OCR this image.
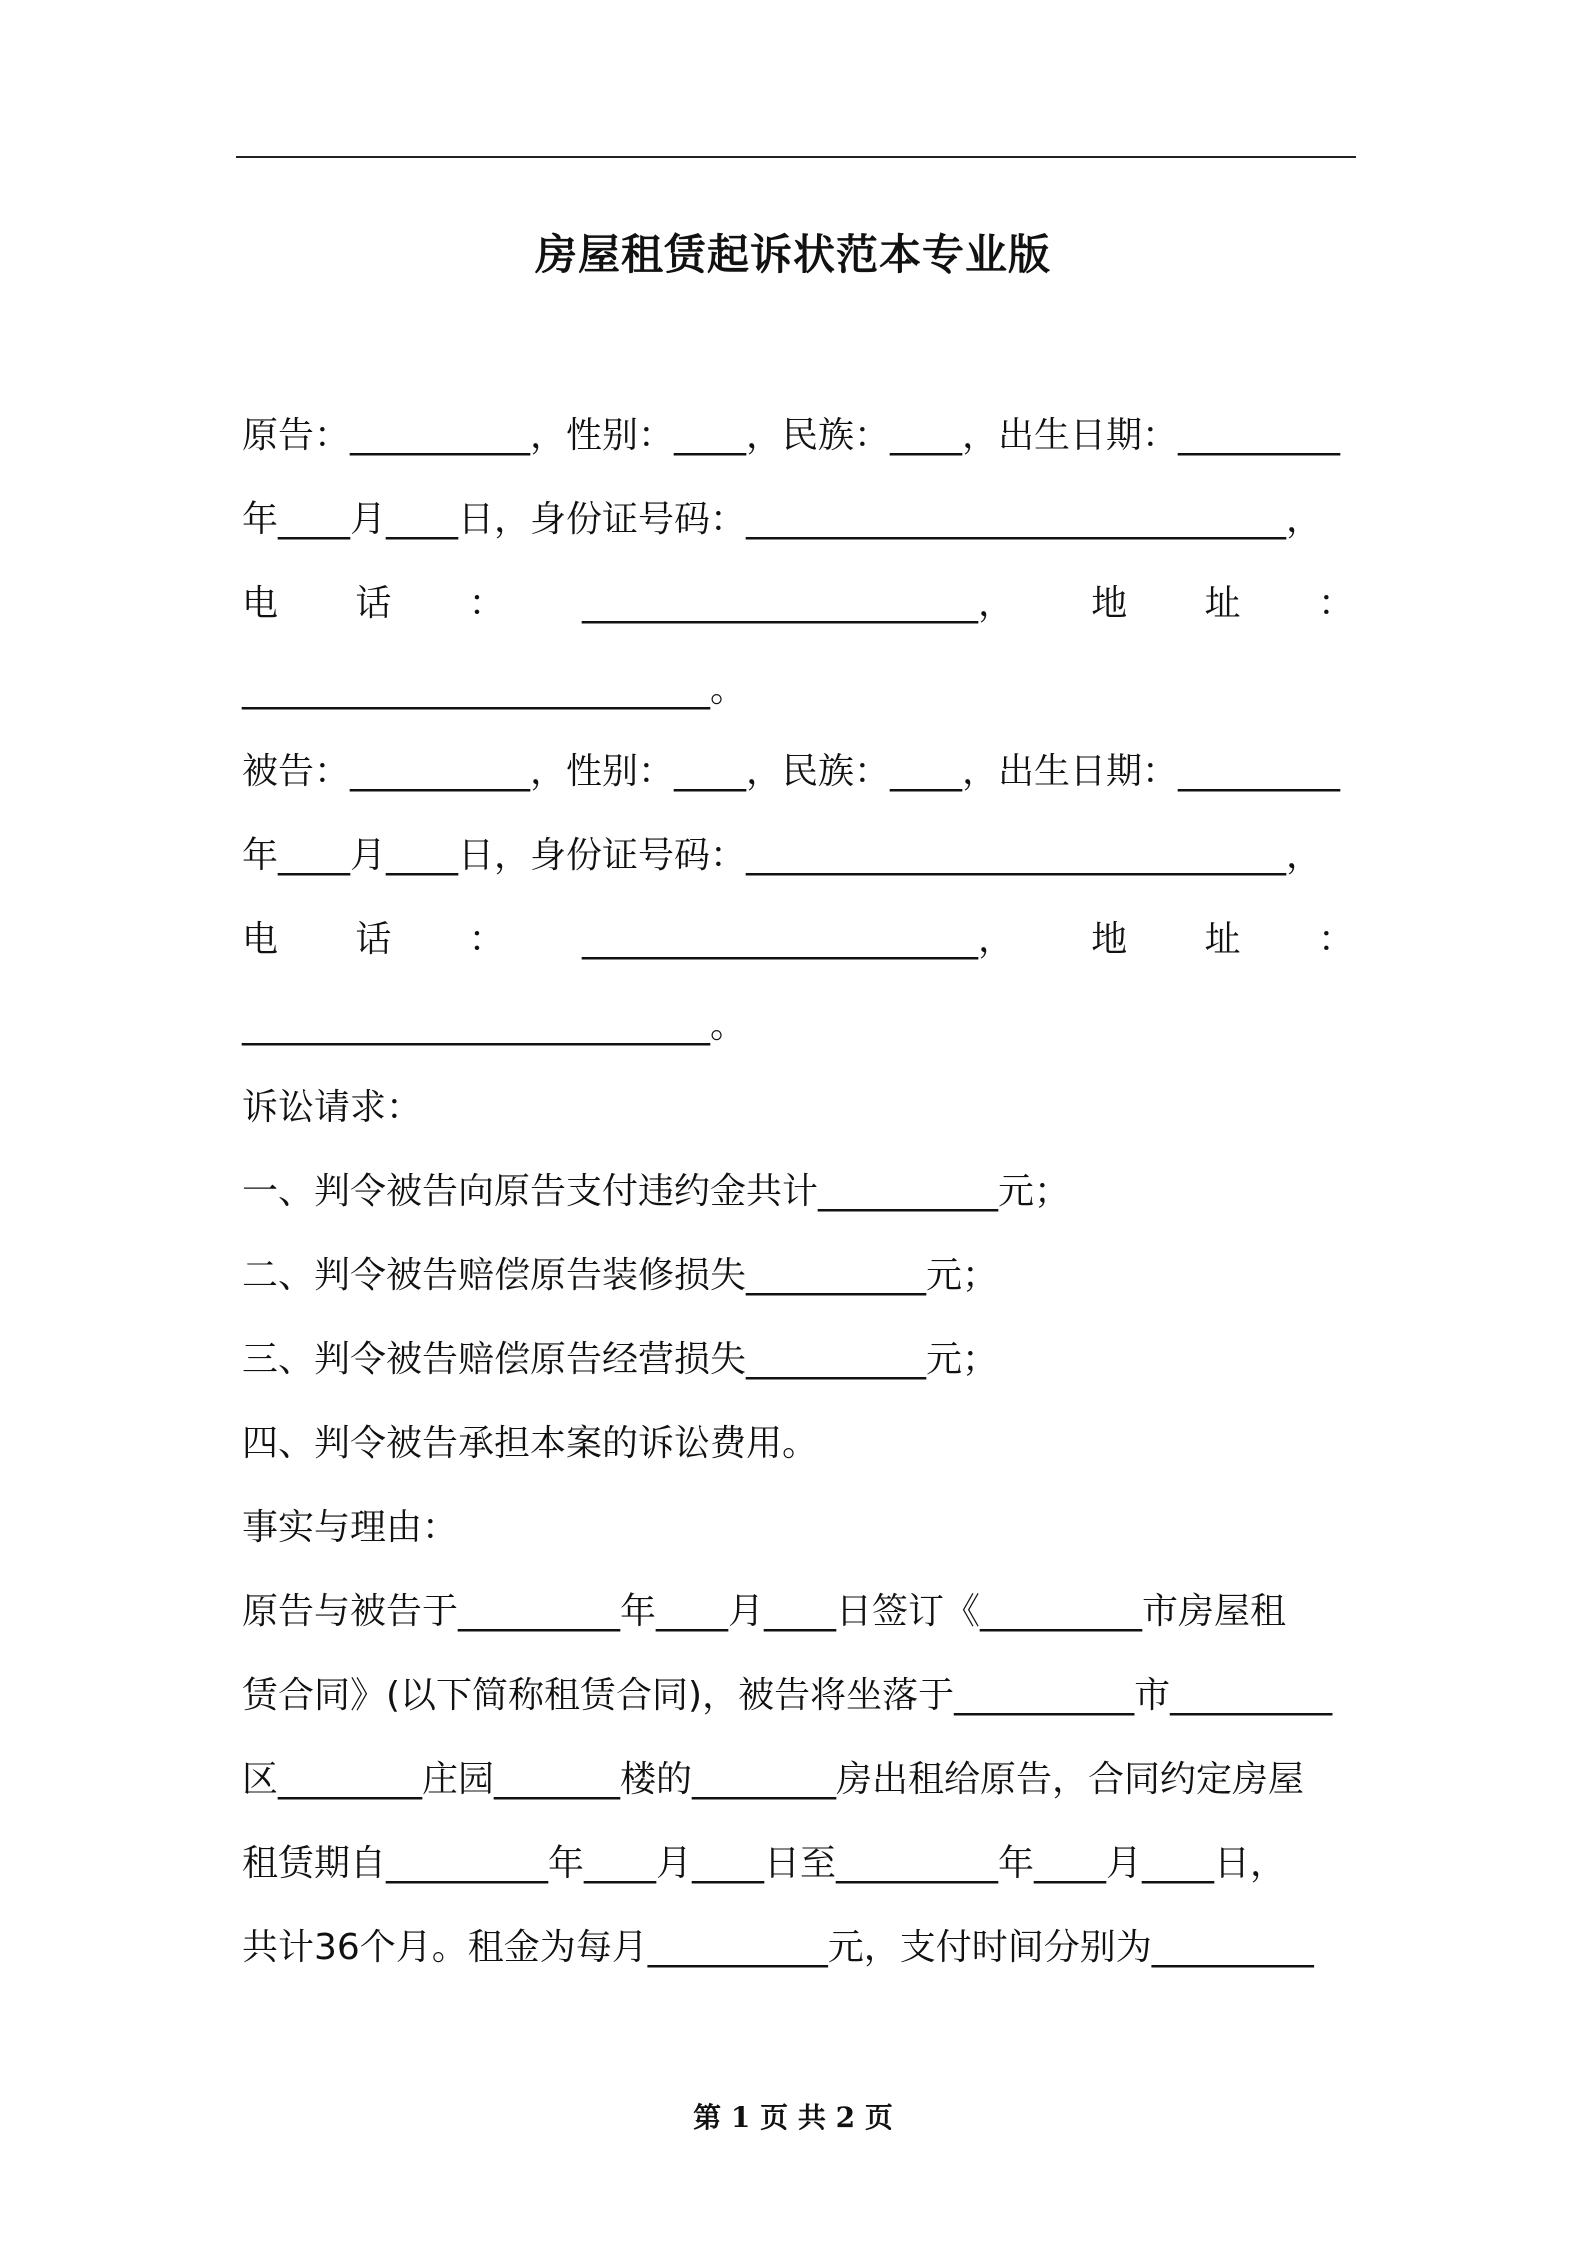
房屋租赁起诉状范本专业版
原告：__________，性别：____，民族：____，出生日期：_________
年____月____日，身份证号码：______________________________，
电 话 ： ______________________， 地 址 ：
__________________________。
被告：__________，性别：____，民族：____，出生日期：_________
年____月____日，身份证号码：______________________________，
电 话 ： ______________________， 地 址 ：
__________________________。
诉讼请求：
一、判令被告向原告支付违约金共计__________元；
二、判令被告赔偿原告装修损失__________元；
三、判令被告赔偿原告经营损失__________元；
四、判令被告承担本案的诉讼费用。
事实与理由：
原告与被告于_________年____月____日签订《_________市房屋租
赁合同》(以下简称租赁合同)，被告将坐落于__________市_________
区________庄园_______楼的________房出租给原告，合同约定房屋
租赁期自_________年____月____日至_________年____月____日，
共计36个月。租金为每月__________元，支付时间分别为_________
第 1 页 共 2 页
